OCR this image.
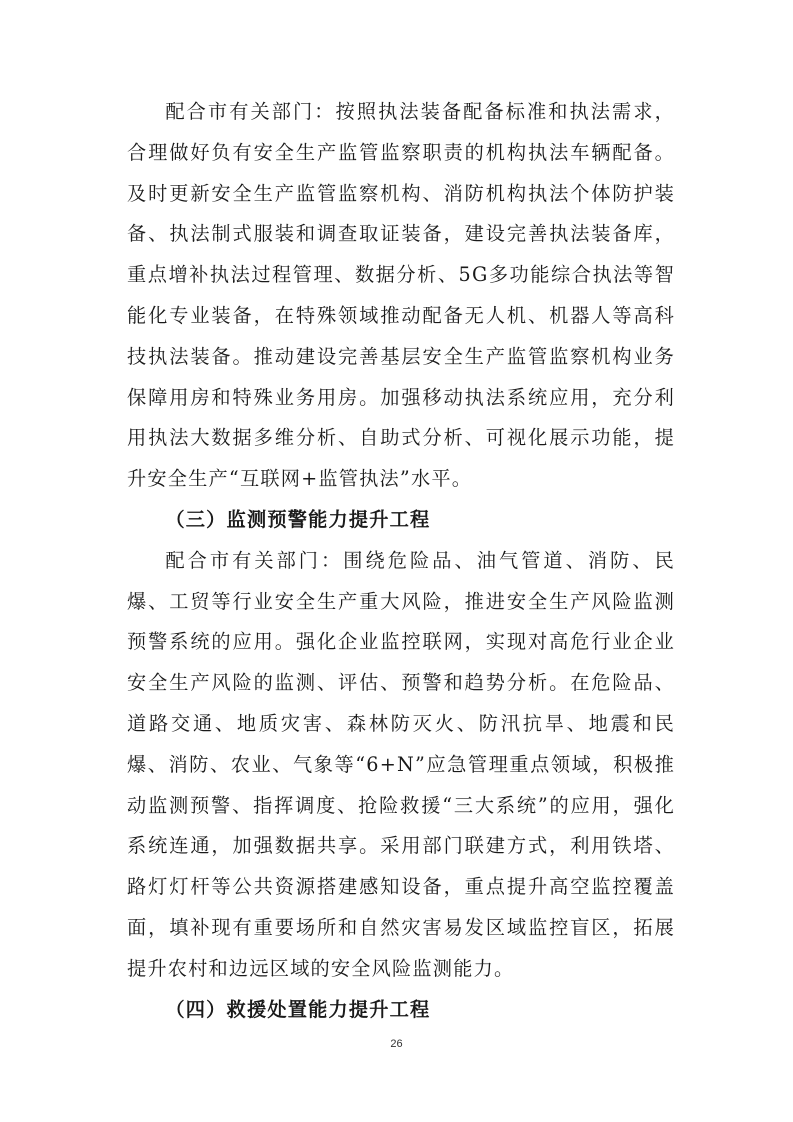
配合市有关部门：按照执法装备配备标准和执法需求，合理做好负有安全生产监管监察职责的机构执法车辆配备。及时更新安全生产监管监察机构、消防机构执法个体防护装备、执法制式服装和调查取证装备，建设完善执法装备库，重点增补执法过程管理、数据分析、5G多功能综合执法等智能化专业装备，在特殊领域推动配备无人机、机器人等高科技执法装备。推动建设完善基层安全生产监管监察机构业务保障用房和特殊业务用房。加强移动执法系统应用，充分利用执法大数据多维分析、自助式分析、可视化展示功能，提升安全生产“互联网+监管执法”水平。

（三）监测预警能力提升工程

配合市有关部门：围绕危险品、油气管道、消防、民爆、工贸等行业安全生产重大风险，推进安全生产风险监测预警系统的应用。强化企业监控联网，实现对高危行业企业安全生产风险的监测、评估、预警和趋势分析。在危险品、道路交通、地质灾害、森林防灭火、防汛抗旱、地震和民爆、消防、农业、气象等“6+N”应急管理重点领域，积极推动监测预警、指挥调度、抢险救援“三大系统”的应用，强化系统连通，加强数据共享。采用部门联建方式，利用铁塔、路灯灯杆等公共资源搭建感知设备，重点提升高空监控覆盖面，填补现有重要场所和自然灾害易发区域监控盲区，拓展提升农村和边远区域的安全风险监测能力。

（四）救援处置能力提升工程

26
